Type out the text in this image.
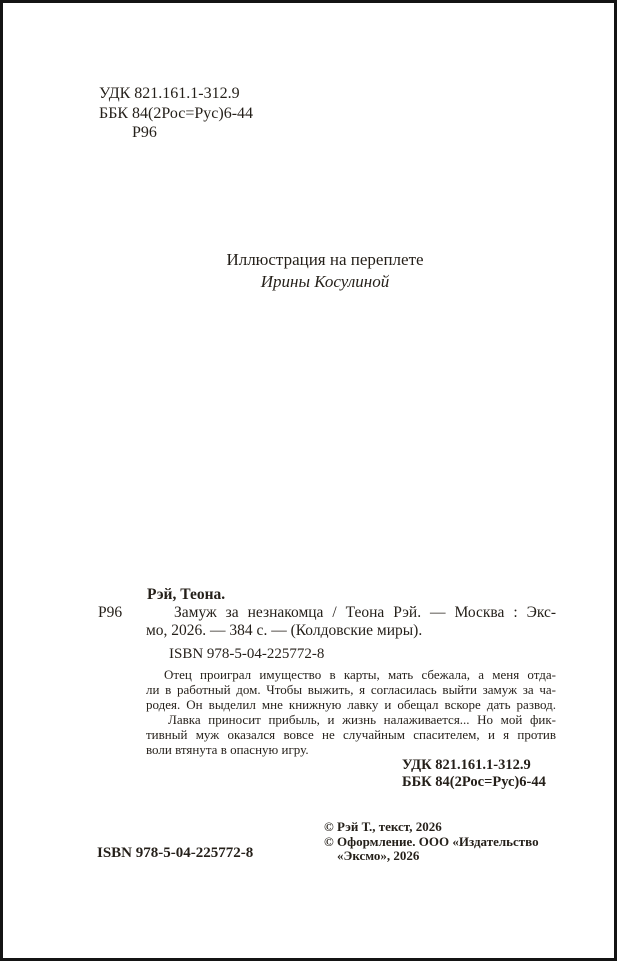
УДК 821.161.1-312.9
ББК 84(2Рос=Рус)6-44
Р96
Иллюстрация на переплете
Ирины Косулиной
Рэй, Теона.
Р96	Замуж за незнакомца / Теона Рэй. — Москва : Экс-
мо, 2026. — 384 с. — (Колдовские миры).
ISBN 978-5-04-225772-8
Отец проиграл имущество в карты, мать сбежала, а меня отда-
ли в работный дом. Чтобы выжить, я согласилась выйти замуж за ча-
родея. Он выделил мне книжную лавку и обещал вскоре дать развод.
Лавка приносит прибыль, и жизнь налаживается... Но мой фик-
тивный муж оказался вовсе не случайным спасителем, и я против
воли втянута в опасную игру.
УДК 821.161.1-312.9
ББК 84(2Рос=Рус)6-44
© Рэй Т., текст, 2026
© Оформление. ООО «Издательство
«Эксмо», 2026
ISBN 978-5-04-225772-8
